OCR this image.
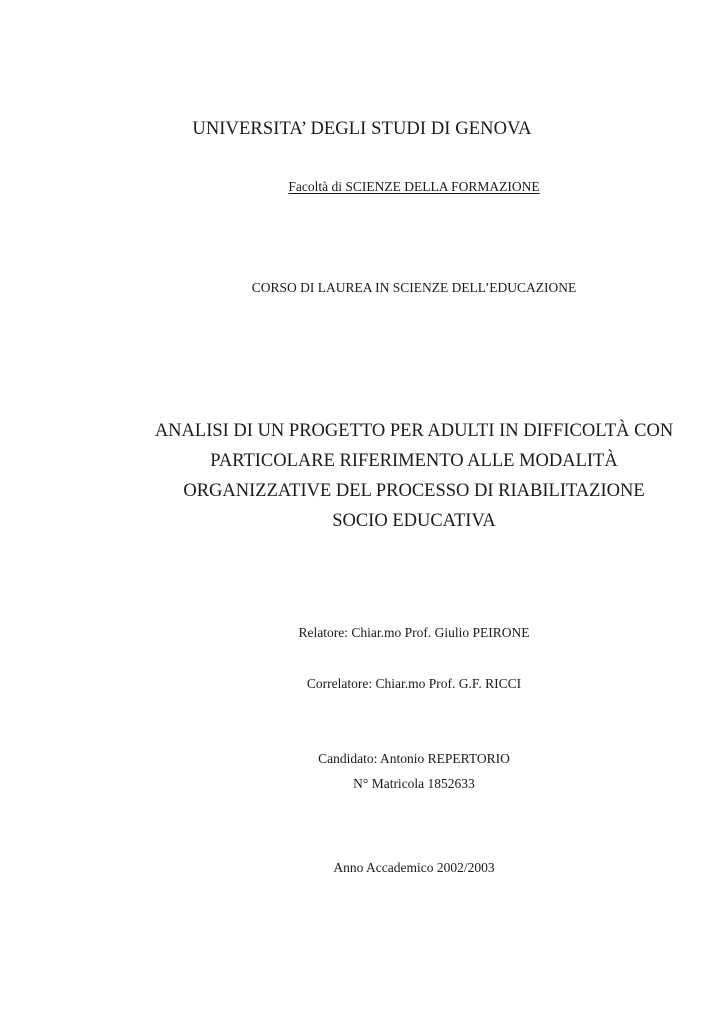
UNIVERSITA’ DEGLI STUDI DI GENOVA

Facoltà di SCIENZE DELLA FORMAZIONE

CORSO DI LAUREA IN SCIENZE DELL’EDUCAZIONE

ANALISI DI UN PROGETTO PER ADULTI IN DIFFICOLTÀ CON
PARTICOLARE RIFERIMENTO ALLE MODALITÀ
ORGANIZZATIVE DEL PROCESSO DI RIABILITAZIONE
SOCIO EDUCATIVA

Relatore: Chiar.mo Prof. Giulio PEIRONE

Correlatore: Chiar.mo Prof. G.F. RICCI

Candidato: Antonio REPERTORIO

N° Matricola 1852633

Anno Accademico 2002/2003
